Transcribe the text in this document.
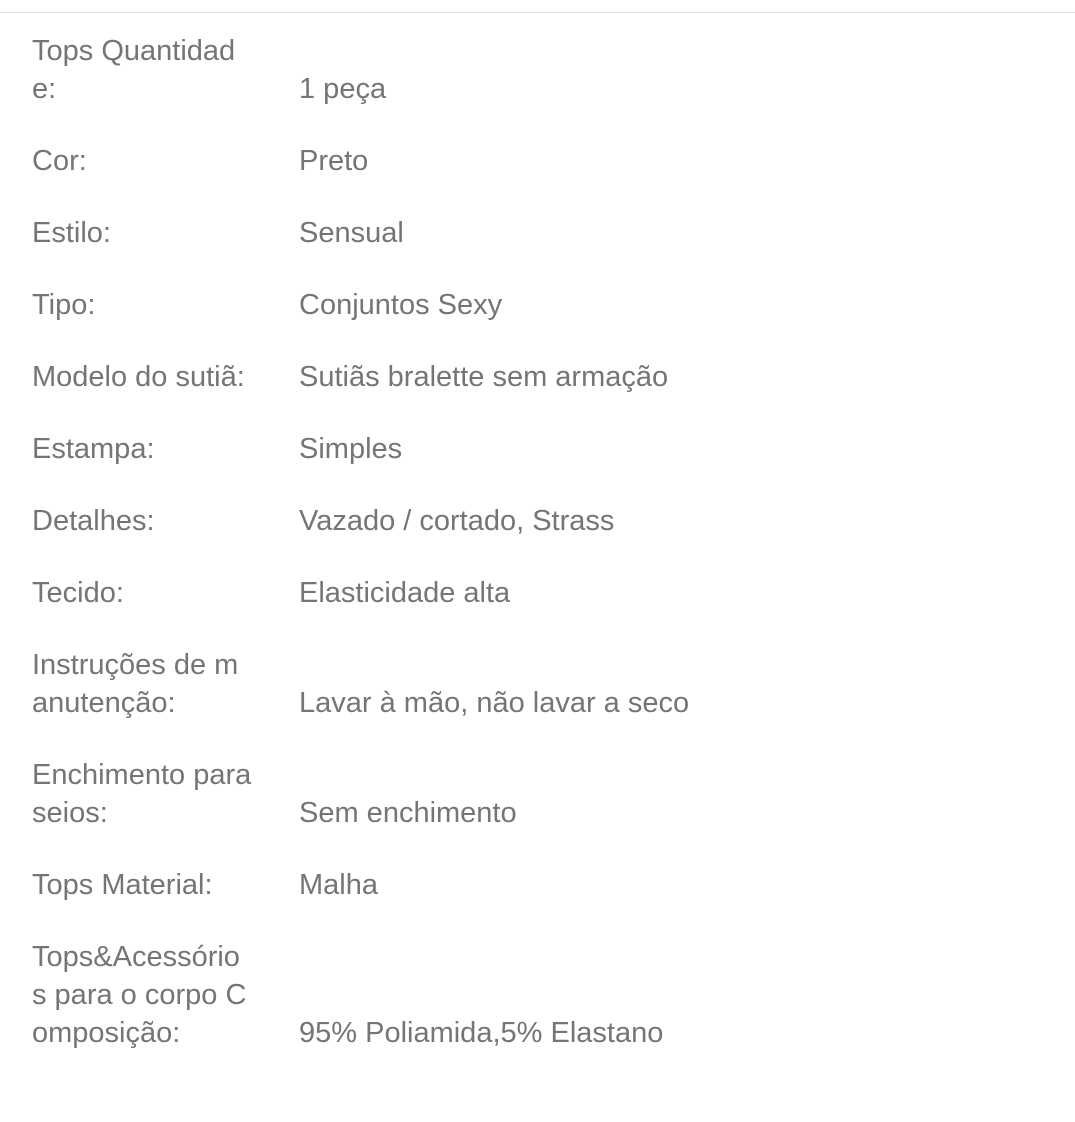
Tops Quantidade:	1 peça
Cor:	Preto
Estilo:	Sensual
Tipo:	Conjuntos Sexy
Modelo do sutiã:	Sutiãs bralette sem armação
Estampa:	Simples
Detalhes:	Vazado / cortado, Strass
Tecido:	Elasticidade alta
Instruções de manutenção:	Lavar à mão, não lavar a seco
Enchimento para seios:	Sem enchimento
Tops Material:	Malha
Tops&Acessórios para o corpo Composição:	95% Poliamida,5% Elastano
